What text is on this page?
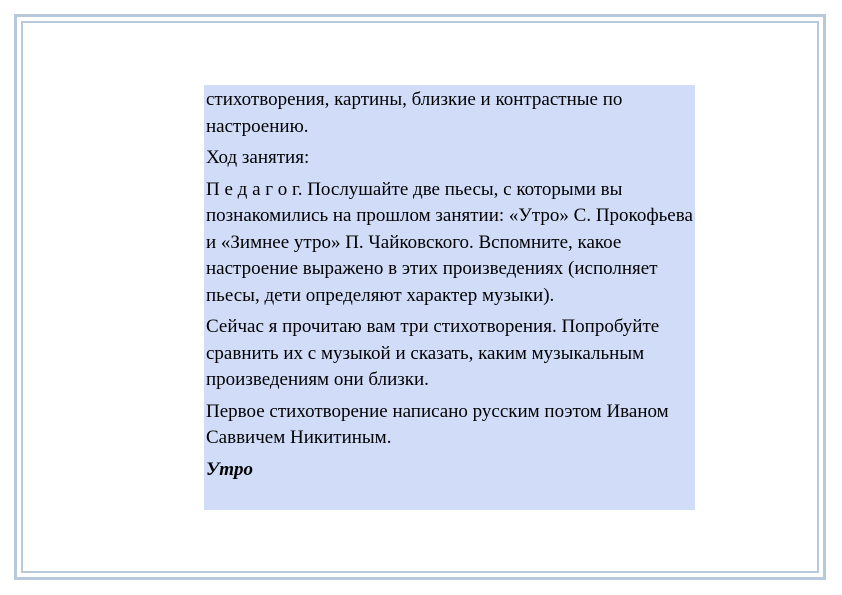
стихотворения, картины, близкие и контрастные по настроению.

Ход занятия:

П е д а г о г. Послушайте две пьесы, с которыми вы познакомились на прошлом занятии: «Утро» С. Прокофьева и «Зимнее утро» П. Чайковского. Вспомните, какое настроение выражено в этих произведениях (исполняет пьесы, дети определяют характер музыки).

Сейчас я прочитаю вам три стихотворения. Попробуйте сравнить их с музыкой и сказать, каким музыкальным произведениям они близки.

Первое стихотворение написано русским поэтом Иваном Саввичем Никитиным.

Утро
